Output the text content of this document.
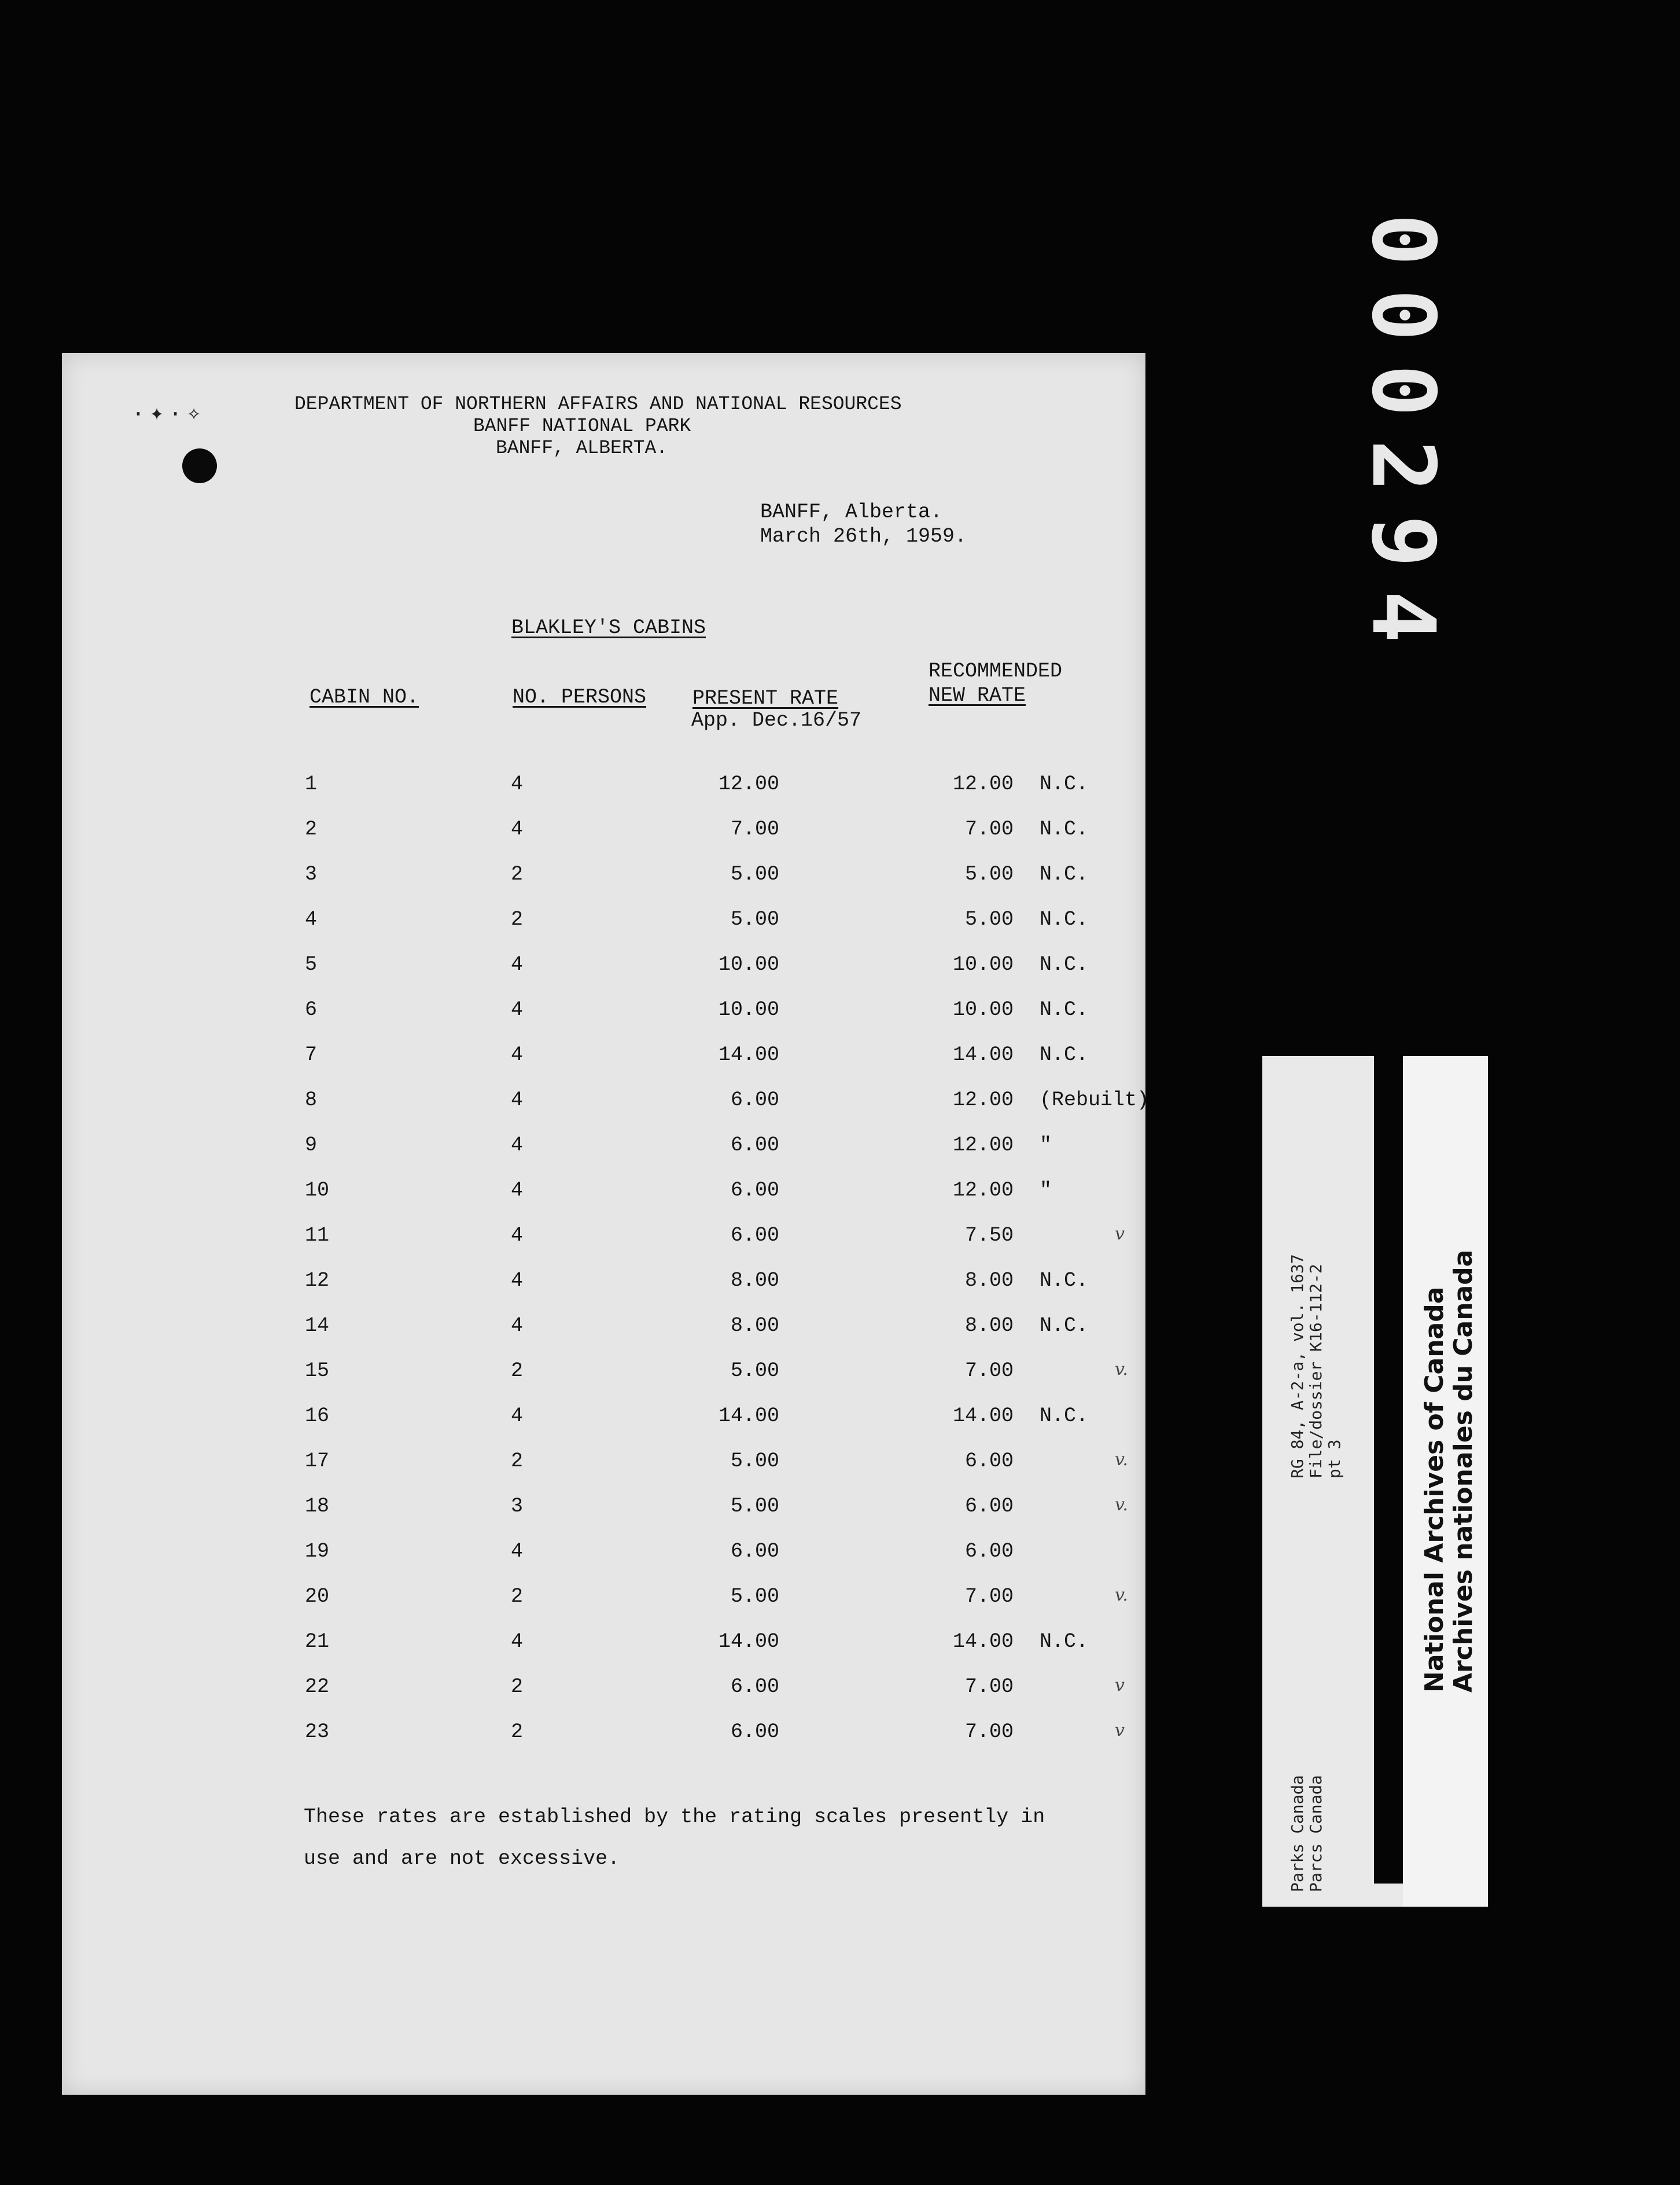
000294
·✦·✧	DEPARTMENT OF NORTHERN AFFAIRS AND NATIONAL RESOURCES
BANFF NATIONAL PARK
BANFF, ALBERTA.
BANFF, Alberta.
March 26th, 1959.
BLAKLEY'S CABINS
RECOMMENDED
NEW RATE
CABIN NO.	NO. PERSONS PRESENT RATE
App. Dec.16/57
1	4	12.00	12.00 N.C.
2	4	7.00	7.00 N.C.
3	2	5.00	5.00 N.C.
4	2	5.00	5.00 N.C.
5	4	10.00	10.00 N.C.
6	4	10.00	10.00 N.C.
7	4	14.00	14.00 N.C.
8	4	6.00	12.00 (Rebuilt)
9	4	6.00	12.00 "
10	4	6.00	12.00 "
11	4	6.00	7.50	v
12	4	8.00	8.00 N.C.
14	4	8.00	8.00 N.C.
15	2	5.00	7.00	v.
16	4	14.00	14.00 N.C.
17	2	5.00	6.00	v.
18	3	5.00	6.00	v.
19	4	6.00	6.00
20	2	5.00	7.00	v.
21	4	14.00	14.00 N.C.
22	2	6.00	7.00	v
23	2	6.00	7.00	v
These rates are established by the rating scales presently in
use and are not excessive.	Parks Canada Parcs Canada
RG 84, A-2-a, vol. 1637 File/dossier K16-112-2 pt 3	National Archives of Canada Archives nationales du Canada
